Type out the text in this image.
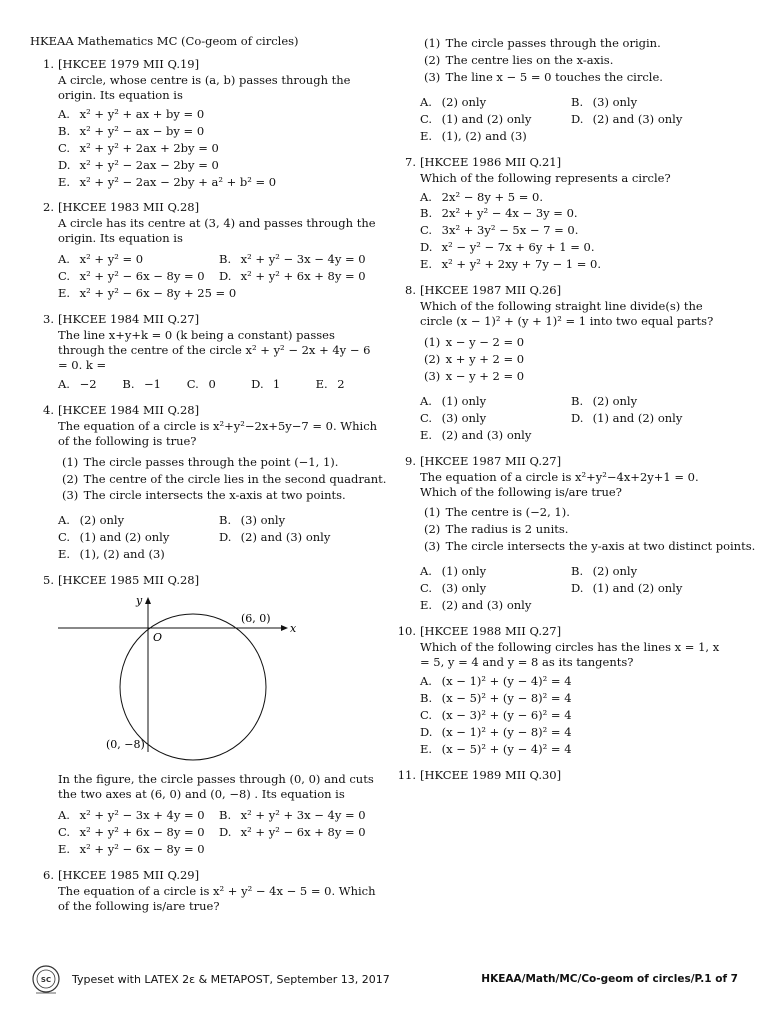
HKEAA Mathematics MC (Co-geom of circles)
1. [HKCEE 1979 MII Q.19]
A circle, whose centre is (a, b) passes through the origin. Its equation is
A. x² + y² + ax + by = 0
B. x² + y² − ax − by = 0
C. x² + y² + 2ax + 2by = 0
D. x² + y² − 2ax − 2by = 0
E. x² + y² − 2ax − 2by + a² + b² = 0
2. [HKCEE 1983 MII Q.28]
A circle has its centre at (3, 4) and passes through the origin. Its equation is
A. x² + y² = 0	B. x² + y² − 3x − 4y = 0
C. x² + y² − 6x − 8y = 0	D. x² + y² + 6x + 8y = 0
E. x² + y² − 6x − 8y + 25 = 0
3. [HKCEE 1984 MII Q.27]
The line x+y+k = 0 (k being a constant) passes through the centre of the circle x² + y² − 2x + 4y − 6 = 0. k =
A. −2	B. −1	C. 0	D. 1	E. 2
4. [HKCEE 1984 MII Q.28]
The equation of a circle is x²+y²−2x+5y−7 = 0. Which of the following is true?
(1) The circle passes through the point (−1, 1).
(2) The centre of the circle lies in the second quadrant.
(3) The circle intersects the x-axis at two points.
A. (2) only	B. (3) only
C. (1) and (2) only	D. (2) and (3) only
E. (1), (2) and (3)
5. [HKCEE 1985 MII Q.28]
x
y
O
(6, 0)
(0, −8)
In the figure, the circle passes through (0, 0) and cuts the two axes at (6, 0) and (0, −8) . Its equation is
A. x² + y² − 3x + 4y = 0	B. x² + y² + 3x − 4y = 0
C. x² + y² + 6x − 8y = 0	D. x² + y² − 6x + 8y = 0
E. x² + y² − 6x − 8y = 0
6. [HKCEE 1985 MII Q.29]
The equation of a circle is x² + y² − 4x − 5 = 0. Which of the following is/are true?
(1) The circle passes through the origin.
(2) The centre lies on the x-axis.
(3) The line x − 5 = 0 touches the circle.
A. (2) only	B. (3) only
C. (1) and (2) only	D. (2) and (3) only
E. (1), (2) and (3)
7. [HKCEE 1986 MII Q.21]
Which of the following represents a circle?
A. 2x² − 8y + 5 = 0.
B. 2x² + y² − 4x − 3y = 0.
C. 3x² + 3y² − 5x − 7 = 0.
D. x² − y² − 7x + 6y + 1 = 0.
E. x² + y² + 2xy + 7y − 1 = 0.
8. [HKCEE 1987 MII Q.26]
Which of the following straight line divide(s) the circle (x − 1)² + (y + 1)² = 1 into two equal parts?
(1) x − y − 2 = 0
(2) x + y + 2 = 0
(3) x − y + 2 = 0
A. (1) only	B. (2) only
C. (3) only	D. (1) and (2) only
E. (2) and (3) only
9. [HKCEE 1987 MII Q.27]
The equation of a circle is x²+y²−4x+2y+1 = 0. Which of the following is/are true?
(1) The centre is (−2, 1).
(2) The radius is 2 units.
(3) The circle intersects the y-axis at two distinct points.
A. (1) only	B. (2) only
C. (3) only	D. (1) and (2) only
E. (2) and (3) only
10. [HKCEE 1988 MII Q.27]
Which of the following circles has the lines x = 1, x = 5, y = 4 and y = 8 as its tangents?
A. (x − 1)² + (y − 4)² = 4
B. (x − 5)² + (y − 8)² = 4
C. (x − 3)² + (y − 6)² = 4
D. (x − 1)² + (y − 8)² = 4
E. (x − 5)² + (y − 4)² = 4
11. [HKCEE 1989 MII Q.30]
SC Typeset with LATEX 2ε & METAPOST, September 13, 2017	HKEAA/Math/MC/Co-geom of circles/P.1 of 7
